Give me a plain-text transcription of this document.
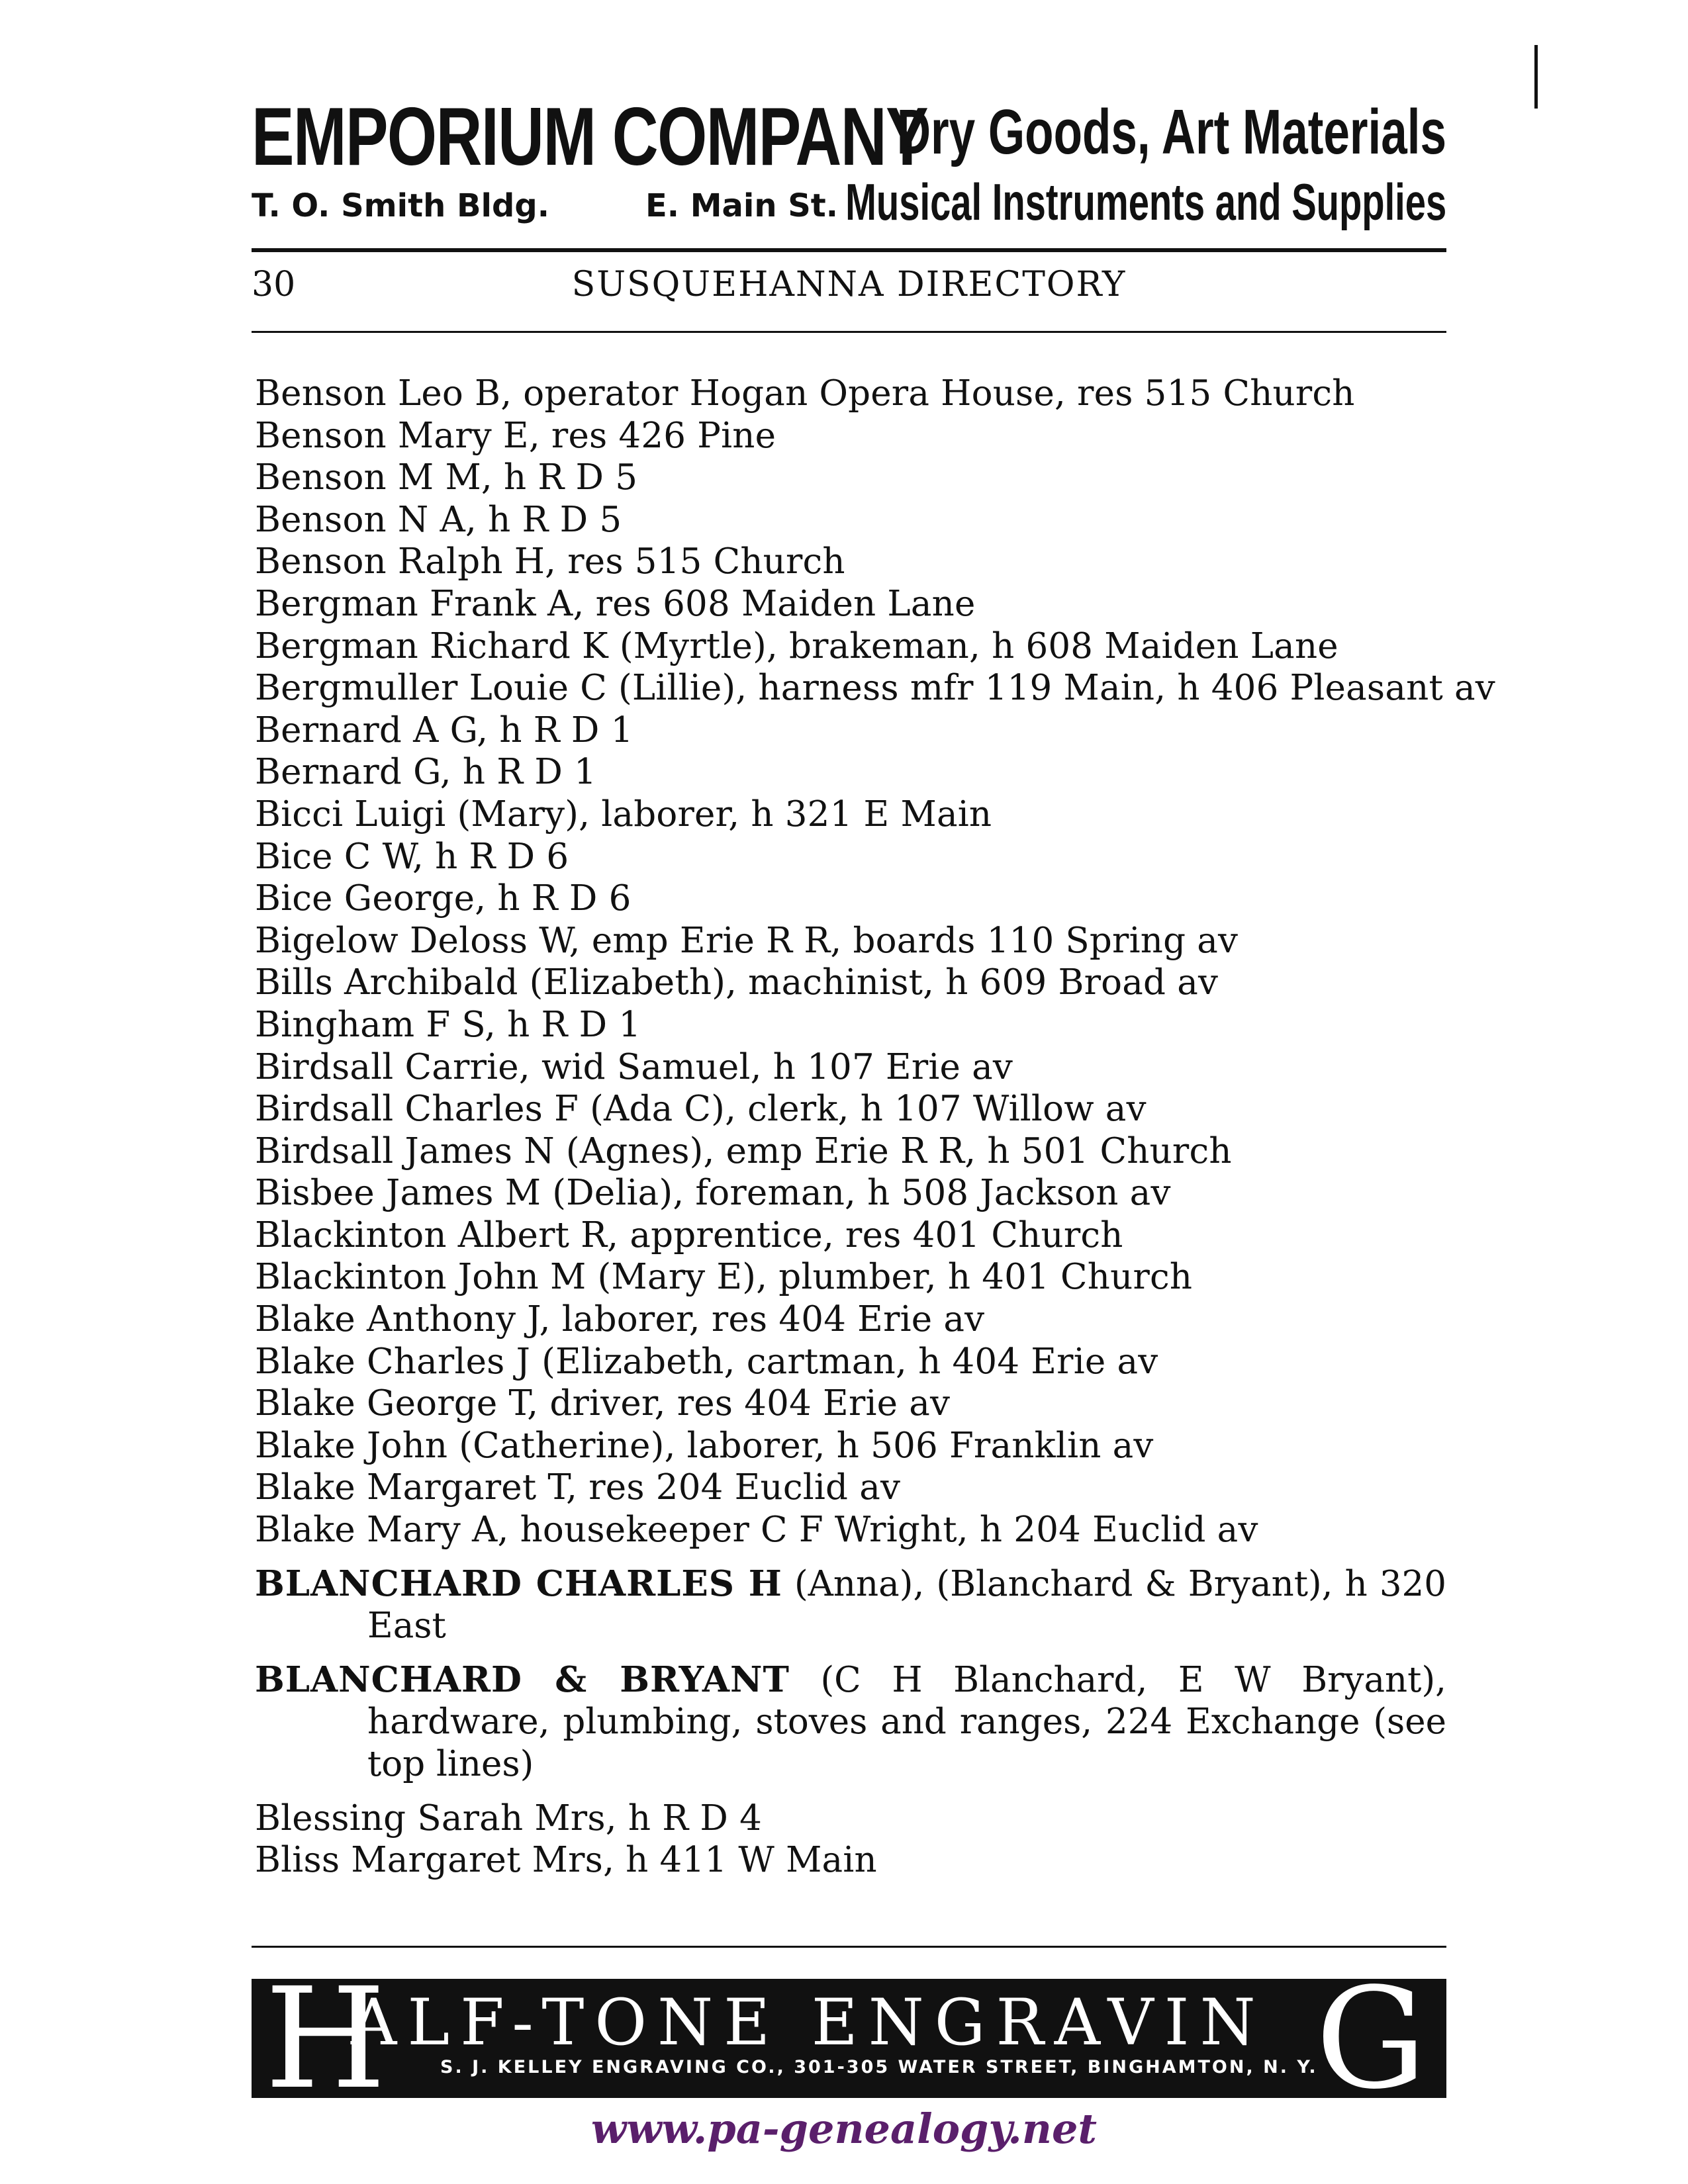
EMPORIUM COMPANY
T. O. Smith Bldg.	E. Main St.
Dry Goods, Art Materials
Musical Instruments and Supplies
30	SUSQUEHANNA DIRECTORY
Benson Leo B, operator Hogan Opera House, res 515 Church
Benson Mary E, res 426 Pine
Benson M M, h R D 5
Benson N A, h R D 5
Benson Ralph H, res 515 Church
Bergman Frank A, res 608 Maiden Lane
Bergman Richard K (Myrtle), brakeman, h 608 Maiden Lane
Bergmuller Louie C (Lillie), harness mfr 119 Main, h 406 Pleasant av
Bernard A G, h R D 1
Bernard G, h R D 1
Bicci Luigi (Mary), laborer, h 321 E Main
Bice C W, h R D 6
Bice George, h R D 6
Bigelow Deloss W, emp Erie R R, boards 110 Spring av
Bills Archibald (Elizabeth), machinist, h 609 Broad av
Bingham F S, h R D 1
Birdsall Carrie, wid Samuel, h 107 Erie av
Birdsall Charles F (Ada C), clerk, h 107 Willow av
Birdsall James N (Agnes), emp Erie R R, h 501 Church
Bisbee James M (Delia), foreman, h 508 Jackson av
Blackinton Albert R, apprentice, res 401 Church
Blackinton John M (Mary E), plumber, h 401 Church
Blake Anthony J, laborer, res 404 Erie av
Blake Charles J (Elizabeth, cartman, h 404 Erie av
Blake George T, driver, res 404 Erie av
Blake John (Catherine), laborer, h 506 Franklin av
Blake Margaret T, res 204 Euclid av
Blake Mary A, housekeeper C F Wright, h 204 Euclid av
BLANCHARD CHARLES H (Anna), (Blanchard & Bryant), h 320 East
BLANCHARD & BRYANT (C H Blanchard, E W Bryant), hardware, plumbing, stoves and ranges, 224 Exchange (see top lines)
Blessing Sarah Mrs, h R D 4
Bliss Margaret Mrs, h 411 W Main
H
ALF-TONE ENGRAVIN G
S. J. KELLEY ENGRAVING CO., 301-305 WATER STREET, BINGHAMTON, N. Y.
www.pa-genealogy.net
